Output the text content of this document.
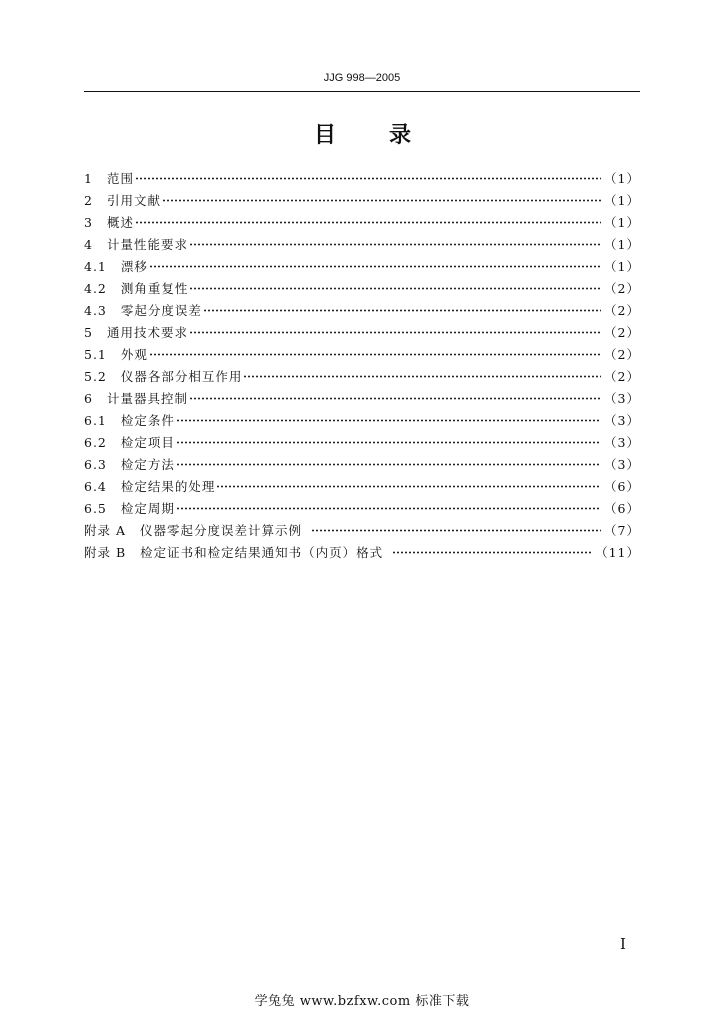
JJG 998—2005
目录
1 范围	（1）
2 引用文献	（1）
3 概述	（1）
4 计量性能要求	（1）
4.1 漂移	（1）
4.2 测角重复性	（2）
4.3 零起分度误差	（2）
5 通用技术要求	（2）
5.1 外观	（2）
5.2 仪器各部分相互作用	（2）
6 计量器具控制	（3）
6.1 检定条件	（3）
6.2 检定项目	（3）
6.3 检定方法	（3）
6.4 检定结果的处理	（6）
6.5 检定周期	（6）
附录 A 仪器零起分度误差计算示例	（7）
附录 B 检定证书和检定结果通知书（内页）格式	（11）
I
学兔兔 www.bzfxw.com 标准下载
